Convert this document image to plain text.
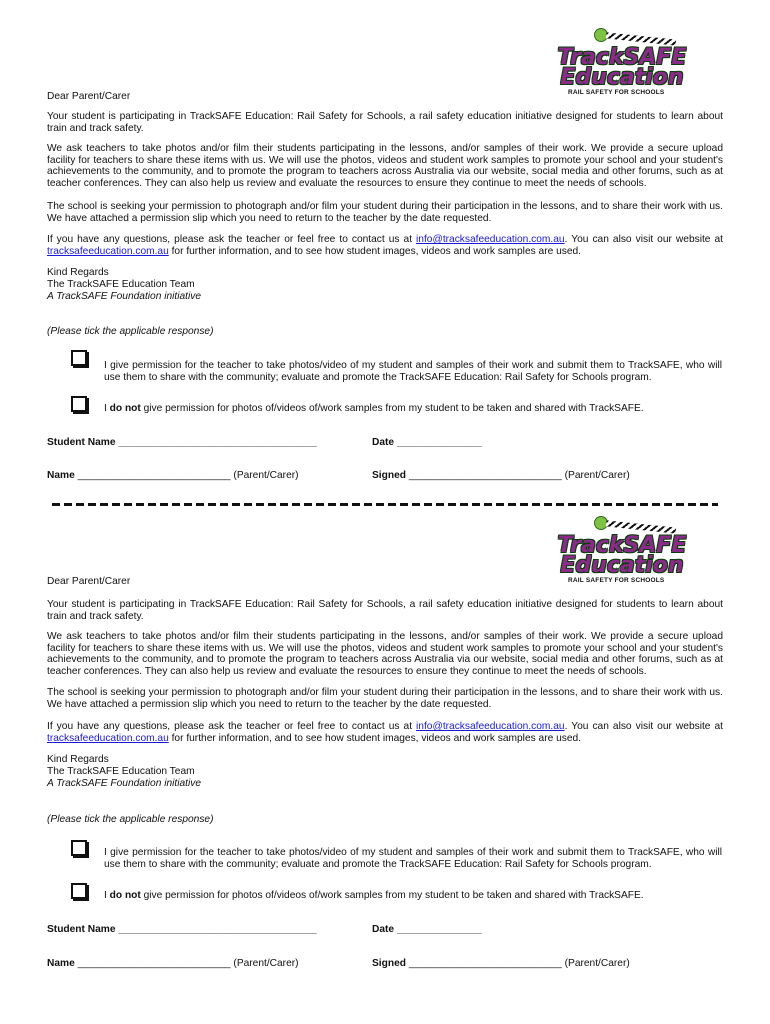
TrackSAFE
Education
RAIL SAFETY FOR SCHOOLS
Dear Parent/Carer
Your student is participating in TrackSAFE Education: Rail Safety for Schools, a rail safety education initiative designed for students to learn about train and track safety.
We ask teachers to take photos and/or film their students participating in the lessons, and/or samples of their work. We provide a secure upload facility for teachers to share these items with us. We will use the photos, videos and student work samples to promote your school and your student's achievements to the community, and to promote the program to teachers across Australia via our website, social media and other forums, such as at teacher conferences. They can also help us review and evaluate the resources to ensure they continue to meet the needs of schools.
The school is seeking your permission to photograph and/or film your student during their participation in the lessons, and to share their work with us. We have attached a permission slip which you need to return to the teacher by the date requested.
If you have any questions, please ask the teacher or feel free to contact us at info@tracksafeeducation.com.au. You can also visit our website at tracksafeeducation.com.au for further information, and to see how student images, videos and work samples are used.
Kind Regards
The TrackSAFE Education Team
A TrackSAFE Foundation initiative
(Please tick the applicable response)
I give permission for the teacher to take photos/video of my student and samples of their work and submit them to TrackSAFE, who will use them to share with the community; evaluate and promote the TrackSAFE Education: Rail Safety for Schools program.
I do not give permission for photos of/videos of/work samples from my student to be taken and shared with TrackSAFE.
Student Name ___________________________________	Date _______________
Name ___________________________ (Parent/Carer)	Signed ___________________________ (Parent/Carer)
TrackSAFE
Education
RAIL SAFETY FOR SCHOOLS
Dear Parent/Carer
Your student is participating in TrackSAFE Education: Rail Safety for Schools, a rail safety education initiative designed for students to learn about train and track safety.
We ask teachers to take photos and/or film their students participating in the lessons, and/or samples of their work. We provide a secure upload facility for teachers to share these items with us. We will use the photos, videos and student work samples to promote your school and your student's achievements to the community, and to promote the program to teachers across Australia via our website, social media and other forums, such as at teacher conferences. They can also help us review and evaluate the resources to ensure they continue to meet the needs of schools.
The school is seeking your permission to photograph and/or film your student during their participation in the lessons, and to share their work with us. We have attached a permission slip which you need to return to the teacher by the date requested.
If you have any questions, please ask the teacher or feel free to contact us at info@tracksafeeducation.com.au. You can also visit our website at tracksafeeducation.com.au for further information, and to see how student images, videos and work samples are used.
Kind Regards
The TrackSAFE Education Team
A TrackSAFE Foundation initiative
(Please tick the applicable response)
I give permission for the teacher to take photos/video of my student and samples of their work and submit them to TrackSAFE, who will use them to share with the community; evaluate and promote the TrackSAFE Education: Rail Safety for Schools program.
I do not give permission for photos of/videos of/work samples from my student to be taken and shared with TrackSAFE.
Student Name ___________________________________	Date _______________
Name ___________________________ (Parent/Carer)	Signed ___________________________ (Parent/Carer)
